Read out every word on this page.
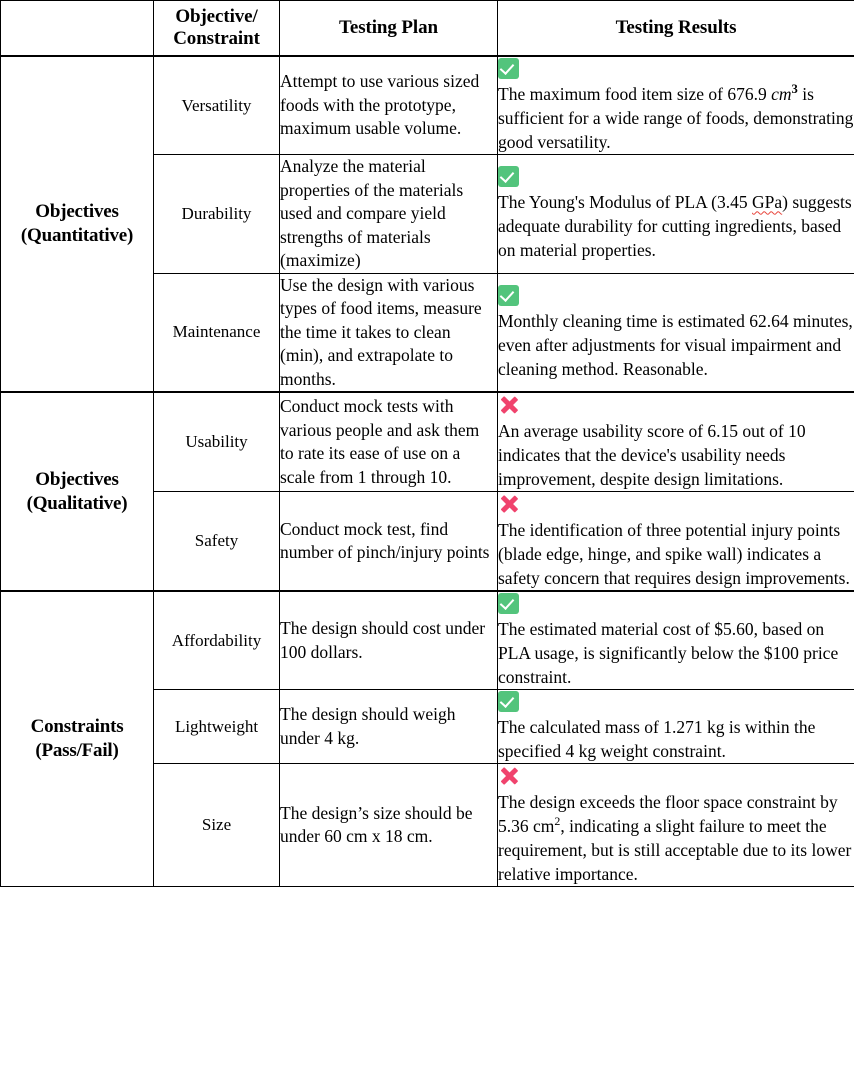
	Objective/
Constraint	Testing Plan	Testing Results

Objectives
(Quantitative)	Versatility	Attempt to use various sized foods with the prototype, maximum usable volume.	The maximum food item size of 676.9 $cm^3$ is sufficient for a wide range of foods, demonstrating good versatility.

	Durability	Analyze the material properties of the materials used and compare yield strengths of materials (maximize)	The Young's Modulus of PLA (3.45 GPa) suggests adequate durability for cutting ingredients, based on material properties.

	Maintenance	Use the design with various types of food items, measure the time it takes to clean (min), and extrapolate to months.	Monthly cleaning time is estimated 62.64 minutes, even after adjustments for visual impairment and cleaning method. Reasonable.

Objectives
(Qualitative)	Usability	Conduct mock tests with various people and ask them to rate its ease of use on a scale from 1 through 10.	An average usability score of 6.15 out of 10 indicates that the device's usability needs improvement, despite design limitations.

	Safety	Conduct mock test, find number of pinch/injury points	The identification of three potential injury points (blade edge, hinge, and spike wall) indicates a safety concern that requires design improvements.

Constraints
(Pass/Fail)	Affordability	The design should cost under 100 dollars.	The estimated material cost of $5.60, based on PLA usage, is significantly below the $100 price constraint.

	Lightweight	The design should weigh under 4 kg.	The calculated mass of 1.271 kg is within the specified 4 kg weight constraint.

	Size	The design’s size should be under 60 cm x 18 cm.	The design exceeds the floor space constraint by 5.36 $cm^2$, indicating a slight failure to meet the requirement, but is still acceptable due to its lower relative importance.
